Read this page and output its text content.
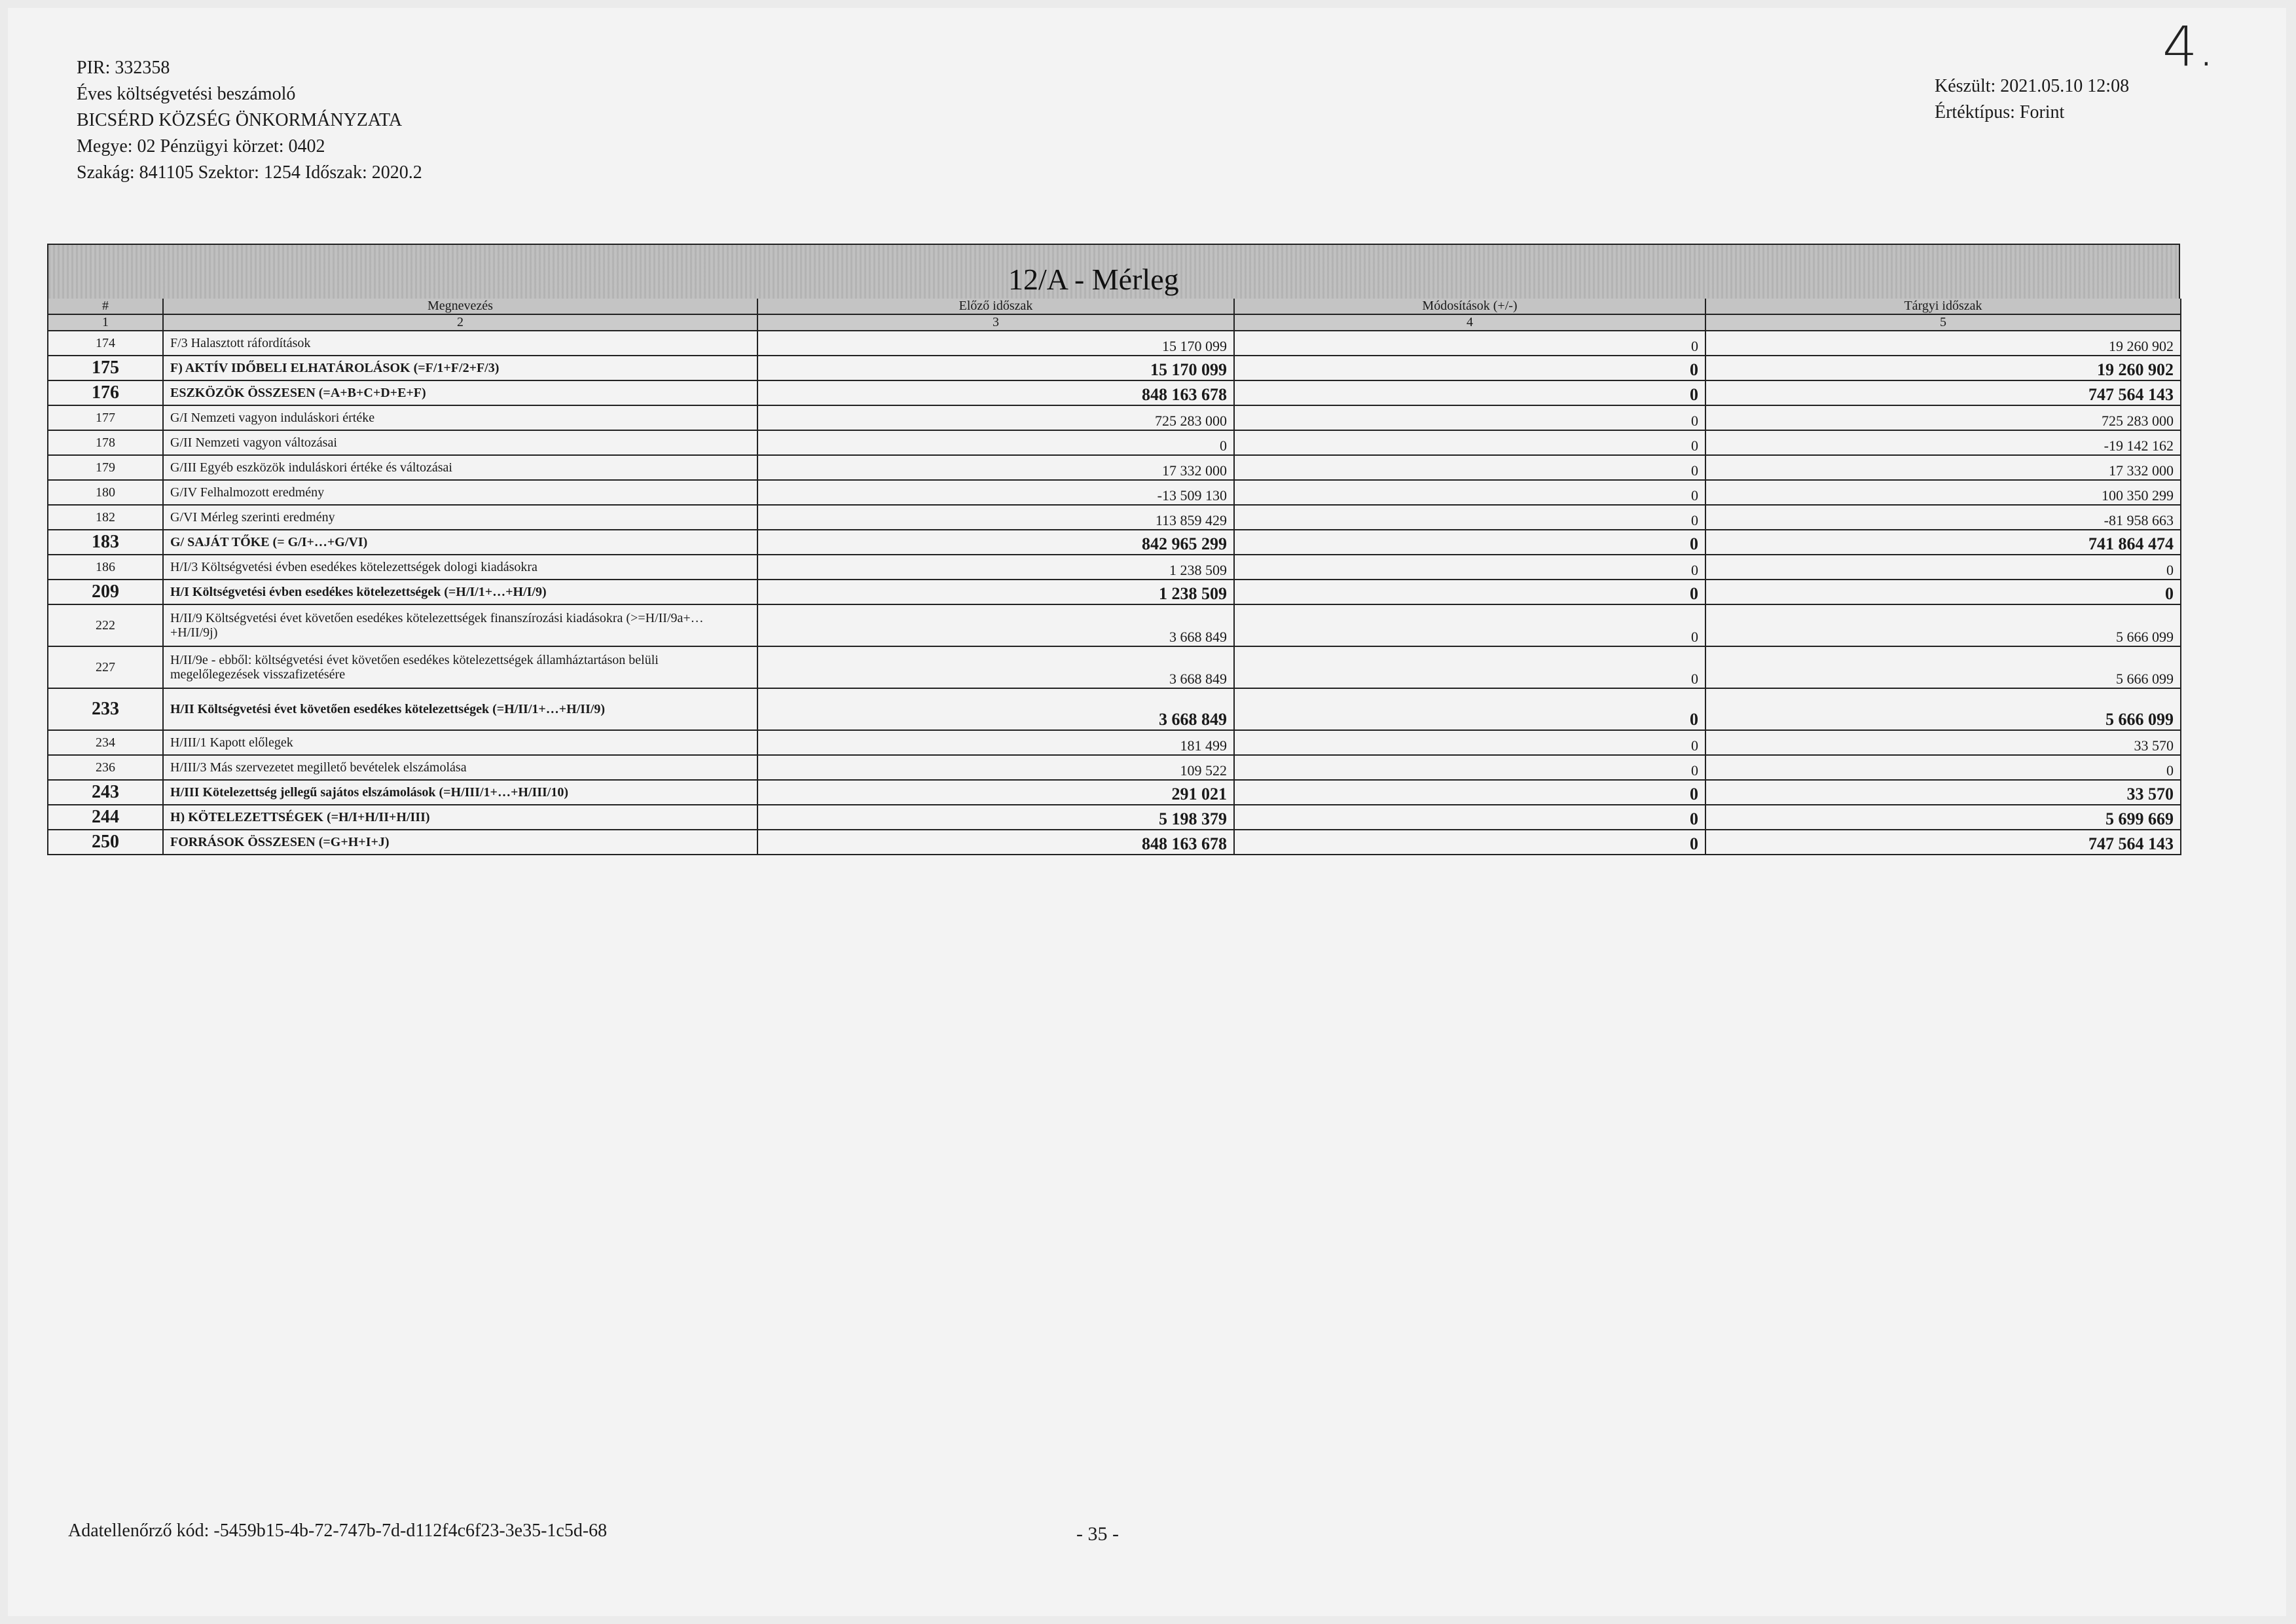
PIR: 332358
Éves költségvetési beszámoló
BICSÉRD KÖZSÉG ÖNKORMÁNYZATA
Megye: 02 Pénzügyi körzet: 0402
Szakág: 841105 Szektor: 1254 Időszak: 2020.2
Készült: 2021.05.10 12:08
Értéktípus: Forint
4.
12/A - Mérleg
#	Megnevezés	Előző időszak	Módosítások (+/-)	Tárgyi időszak
1	2	3	4	5
174	F/3 Halasztott ráfordítások	15 170 099	0	19 260 902
175	F) AKTÍV IDŐBELI ELHATÁROLÁSOK (=F/1+F/2+F/3)	15 170 099	0	19 260 902
176	ESZKÖZÖK ÖSSZESEN (=A+B+C+D+E+F)	848 163 678	0	747 564 143
177	G/I Nemzeti vagyon induláskori értéke	725 283 000	0	725 283 000
178	G/II Nemzeti vagyon változásai	0	0	-19 142 162
179	G/III Egyéb eszközök induláskori értéke és változásai	17 332 000	0	17 332 000
180	G/IV Felhalmozott eredmény	-13 509 130	0	100 350 299
182	G/VI Mérleg szerinti eredmény	113 859 429	0	-81 958 663
183	G/ SAJÁT TŐKE (= G/I+…+G/VI)	842 965 299	0	741 864 474
186	H/I/3 Költségvetési évben esedékes kötelezettségek dologi kiadásokra	1 238 509	0	0
209	H/I Költségvetési évben esedékes kötelezettségek (=H/I/1+…+H/I/9)	1 238 509	0	0
222	H/II/9 Költségvetési évet követően esedékes kötelezettségek finanszírozási kiadásokra (>=H/II/9a+…+H/II/9j)	3 668 849	0	5 666 099
227	H/II/9e - ebből: költségvetési évet követően esedékes kötelezettségek államháztartáson belüli megelőlegezések visszafizetésére	3 668 849	0	5 666 099
233	H/II Költségvetési évet követően esedékes kötelezettségek (=H/II/1+…+H/II/9)	3 668 849	0	5 666 099
234	H/III/1 Kapott előlegek	181 499	0	33 570
236	H/III/3 Más szervezetet megillető bevételek elszámolása	109 522	0	0
243	H/III Kötelezettség jellegű sajátos elszámolások (=H/III/1+…+H/III/10)	291 021	0	33 570
244	H) KÖTELEZETTSÉGEK (=H/I+H/II+H/III)	5 198 379	0	5 699 669
250	FORRÁSOK ÖSSZESEN (=G+H+I+J)	848 163 678	0	747 564 143
Adatellenőrző kód: -5459b15-4b-72-747b-7d-d112f4c6f23-3e35-1c5d-68	- 35 -
